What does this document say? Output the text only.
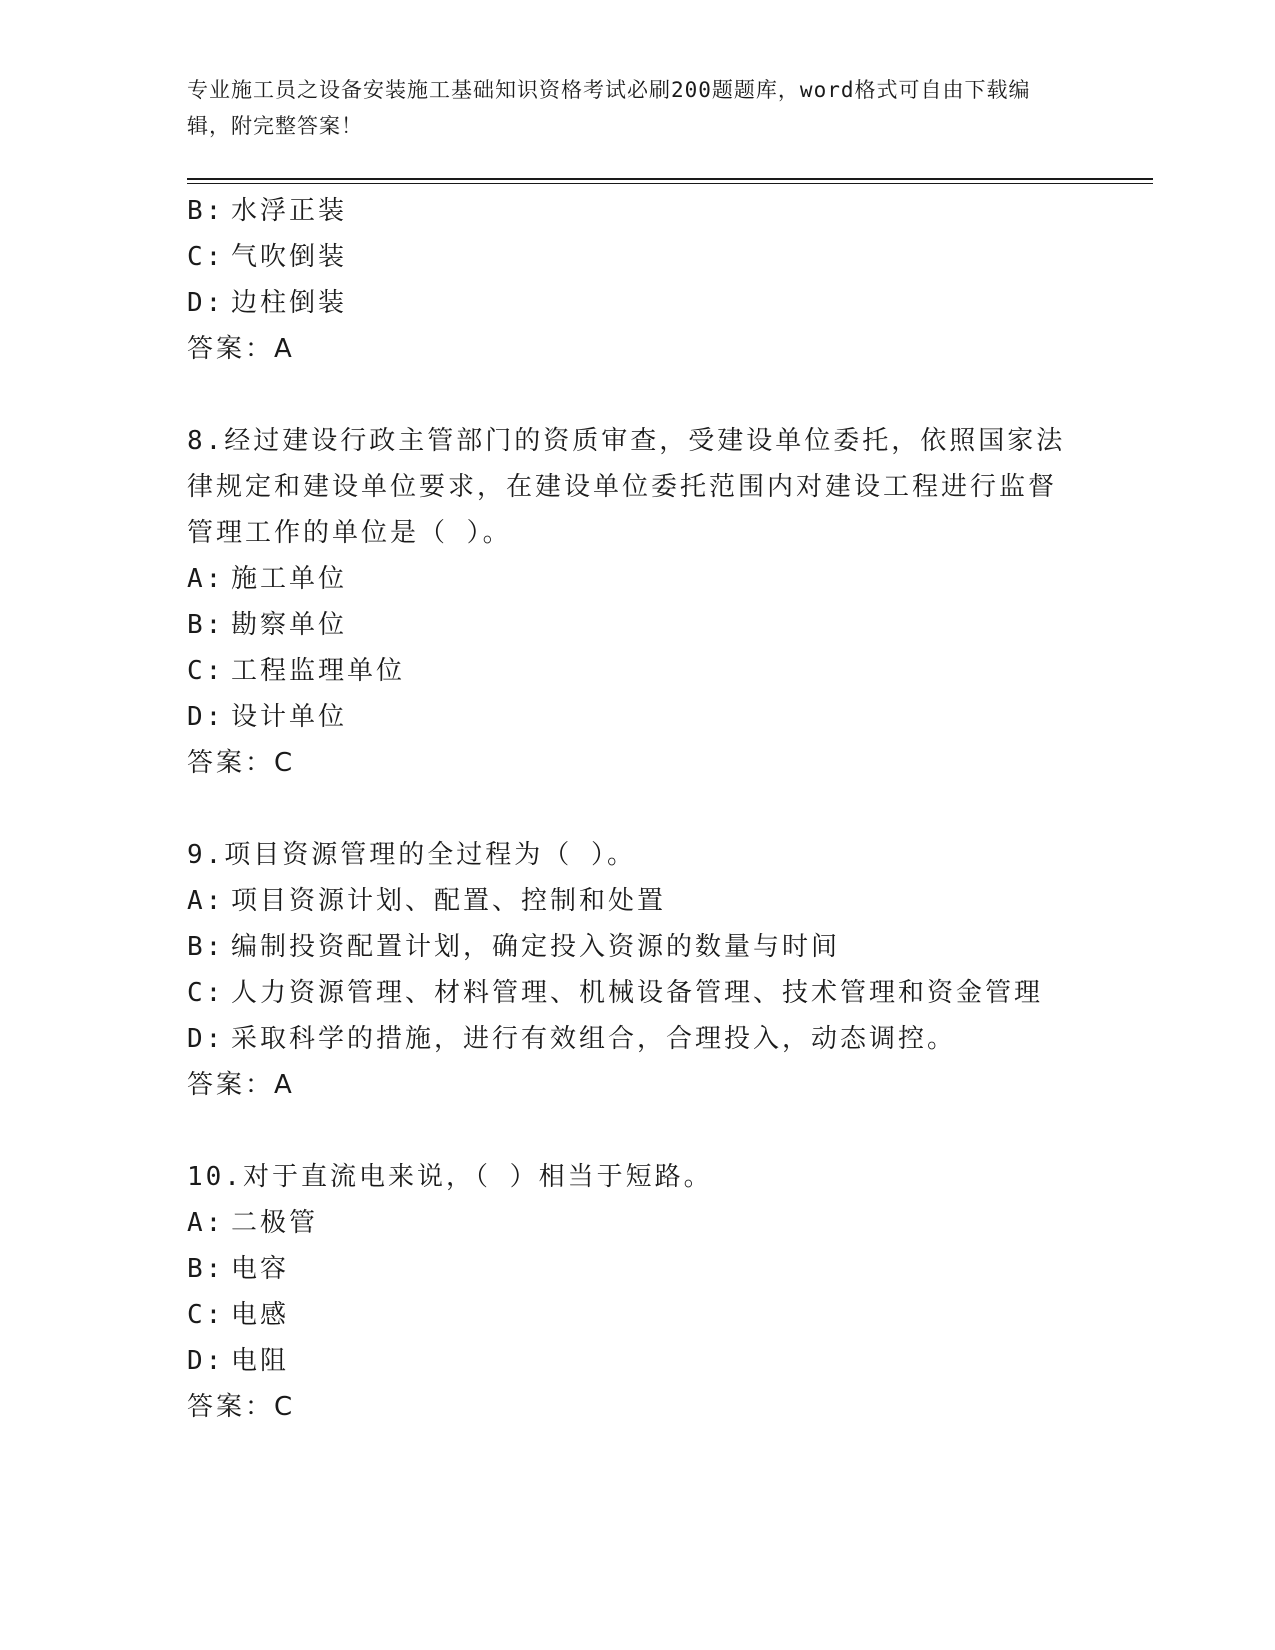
专业施工员之设备安装施工基础知识资格考试必刷200题题库，word格式可自由下载编辑，附完整答案！
B: 水浮正装
C: 气吹倒装
D: 边柱倒装
答案：A
8.经过建设行政主管部门的资质审查，受建设单位委托，依照国家法
律规定和建设单位要求，在建设单位委托范围内对建设工程进行监督
管理工作的单位是（ ）。
A: 施工单位
B: 勘察单位
C: 工程监理单位
D: 设计单位
答案：C
9.项目资源管理的全过程为（ ）。
A: 项目资源计划、配置、控制和处置
B: 编制投资配置计划，确定投入资源的数量与时间
C: 人力资源管理、材料管理、机械设备管理、技术管理和资金管理
D: 采取科学的措施，进行有效组合，合理投入，动态调控。
答案：A
10.对于直流电来说，（ ）相当于短路。
A: 二极管
B: 电容
C: 电感
D: 电阻
答案：C
